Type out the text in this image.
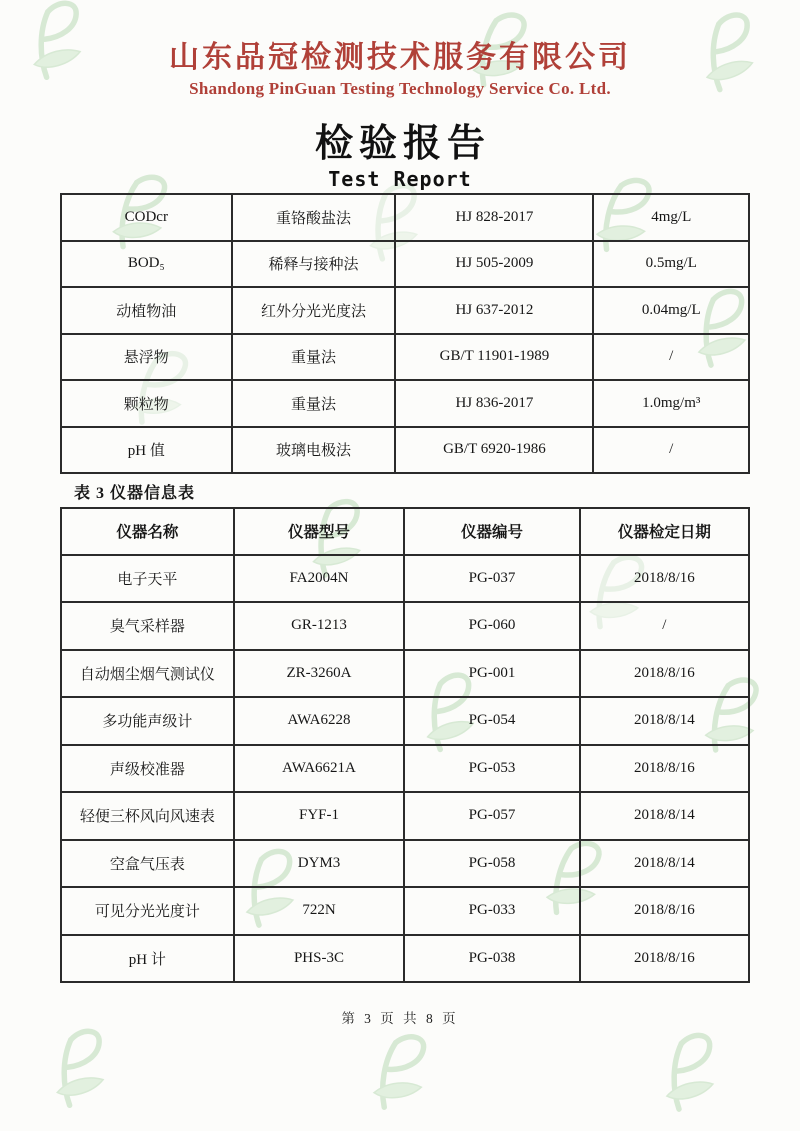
山东品冠检测技术服务有限公司
Shandong PinGuan Testing Technology Service Co. Ltd.
检验报告
Test Report
CODcr	重铬酸盐法	HJ 828-2017	4mg/L
BOD₅	稀释与接种法	HJ 505-2009	0.5mg/L
动植物油	红外分光光度法	HJ 637-2012	0.04mg/L
悬浮物	重量法	GB/T 11901-1989	/
颗粒物	重量法	HJ 836-2017	1.0mg/m³
pH 值	玻璃电极法	GB/T 6920-1986	/
表 3 仪器信息表
仪器名称	仪器型号	仪器编号	仪器检定日期
电子天平	FA2004N	PG-037	2018/8/16
臭气采样器	GR-1213	PG-060	/
自动烟尘烟气测试仪	ZR-3260A	PG-001	2018/8/16
多功能声级计	AWA6228	PG-054	2018/8/14
声级校准器	AWA6621A	PG-053	2018/8/16
轻便三杯风向风速表	FYF-1	PG-057	2018/8/14
空盒气压表	DYM3	PG-058	2018/8/14
可见分光光度计	722N	PG-033	2018/8/16
pH 计	PHS-3C	PG-038	2018/8/16
第 3 页 共 8 页
